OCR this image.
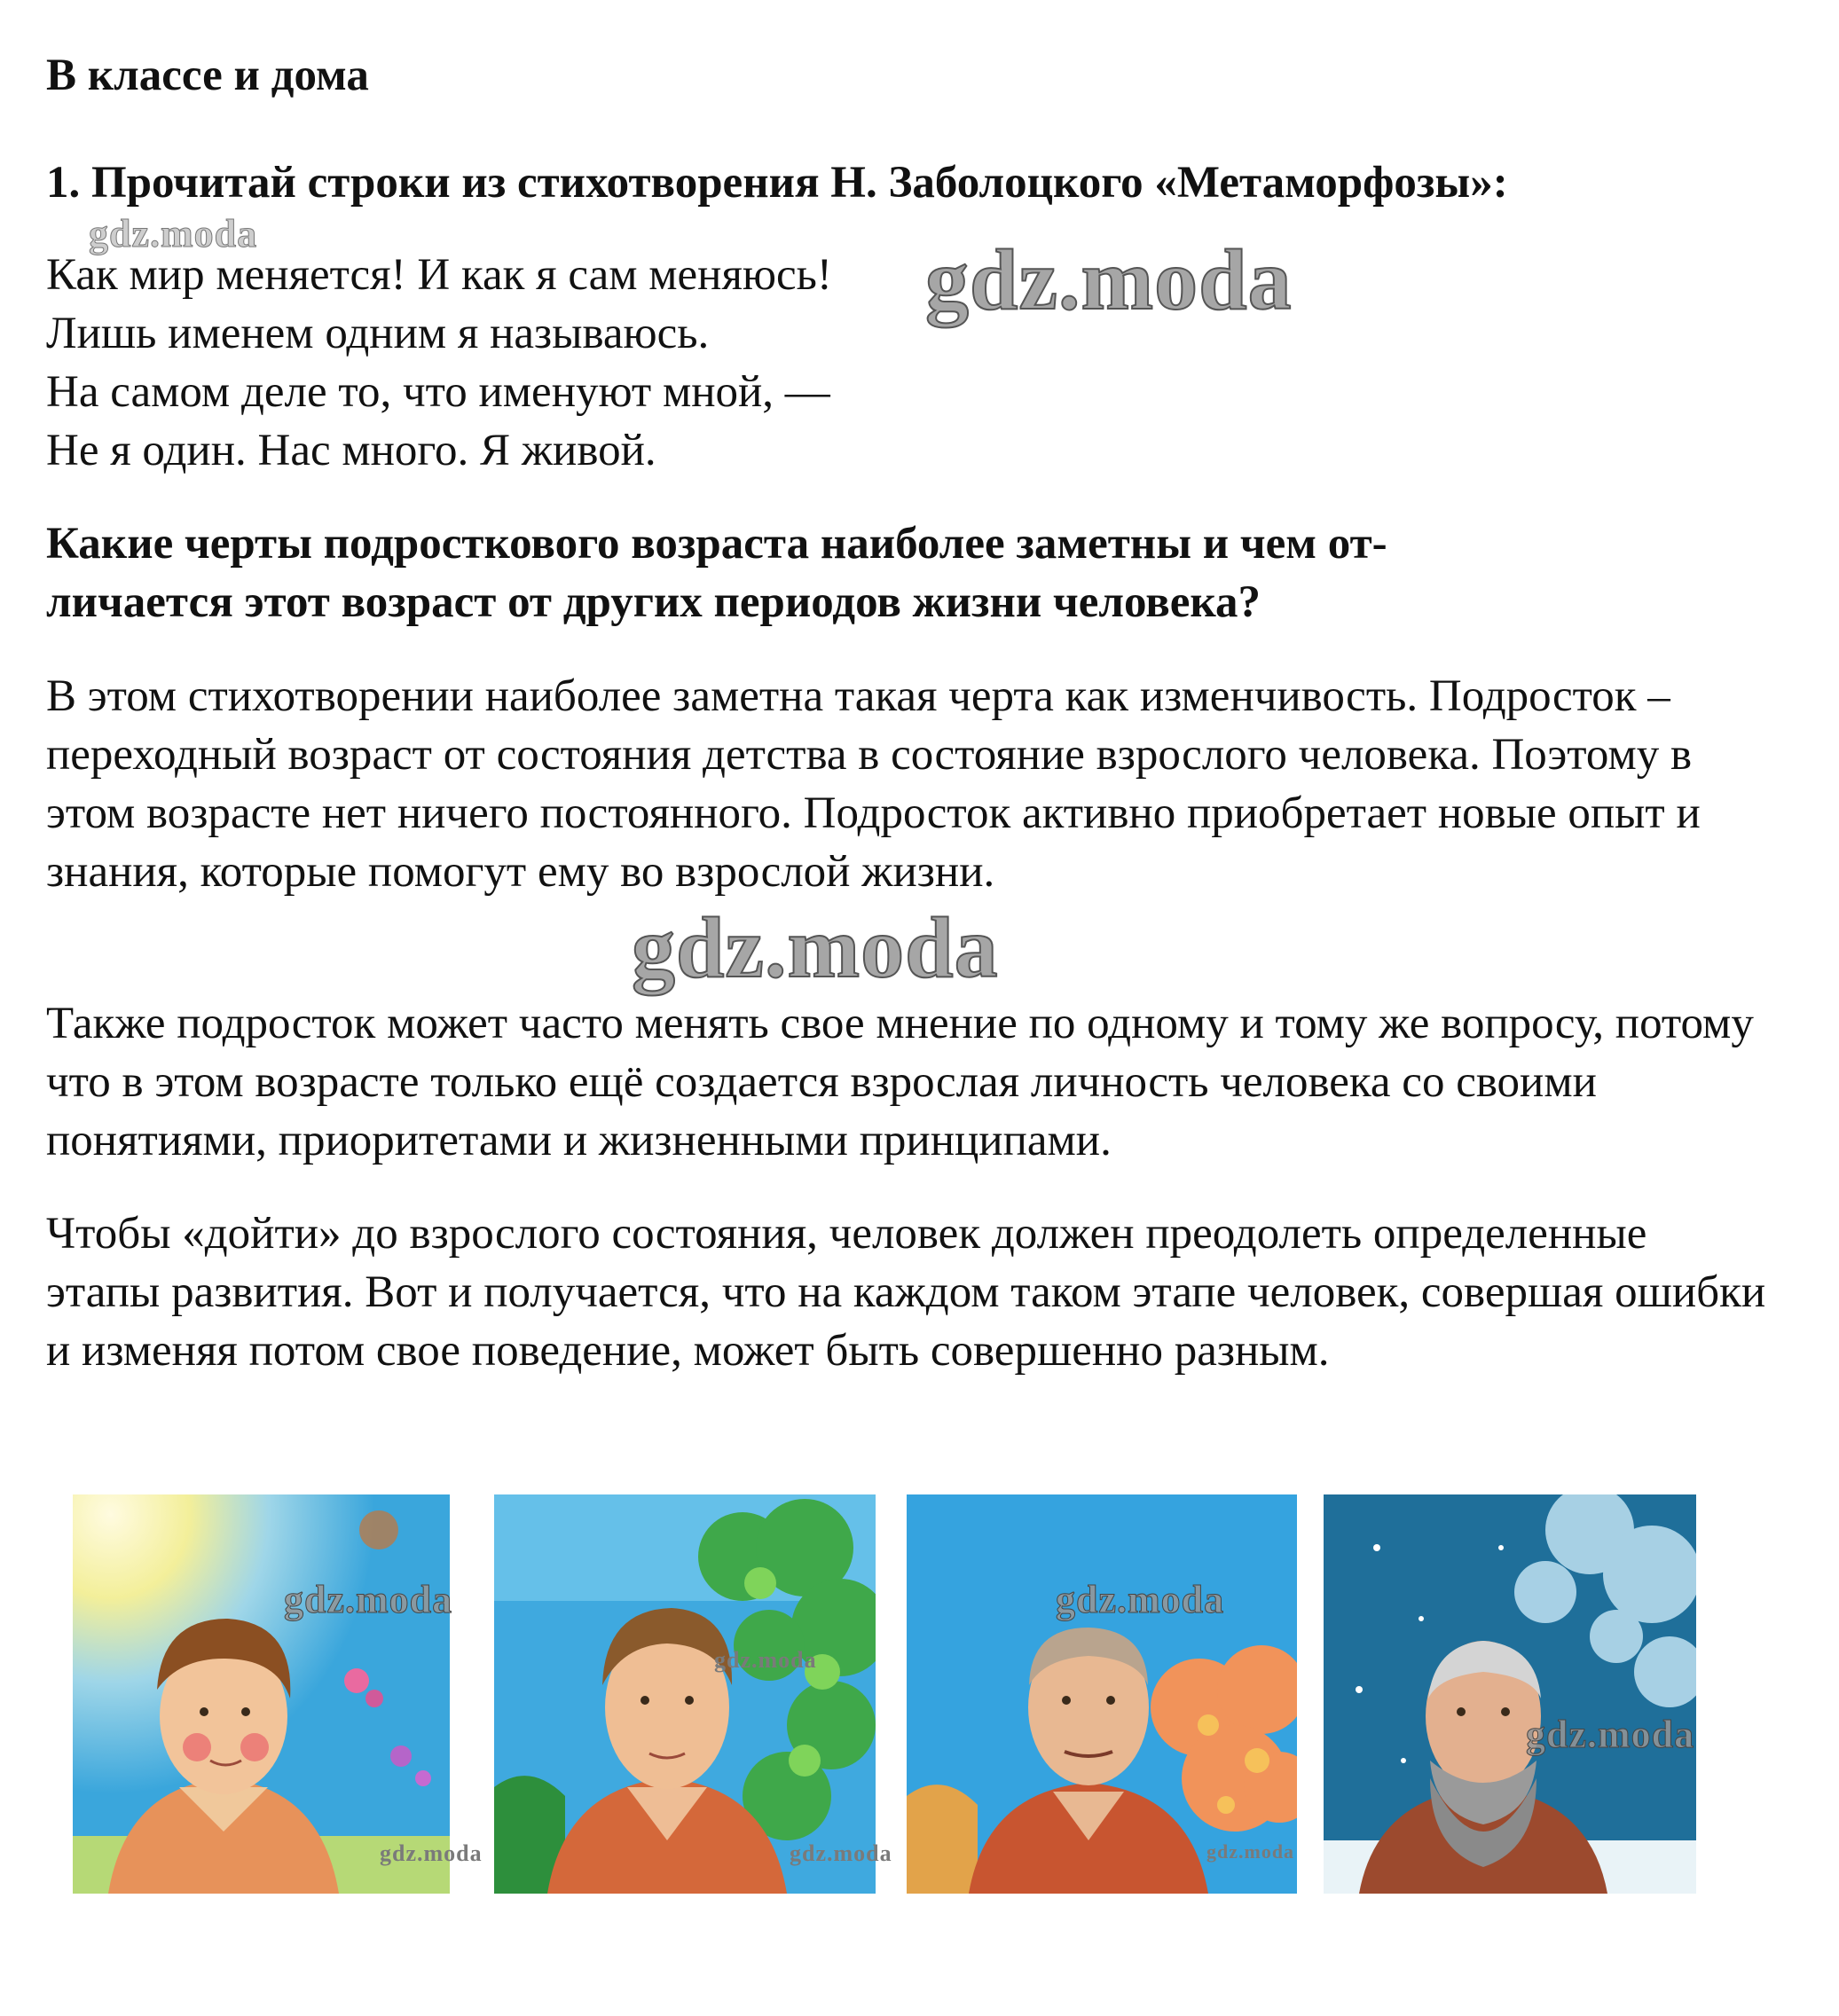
В классе и дома

1. Прочитай строки из стихотворения Н. Заболоцкого «Метаморфозы»:

Как мир меняется! И как я сам меняюсь!
Лишь именем одним я называюсь.
На самом деле то, что именуют мной, —
Не я один. Нас много. Я живой.
Какие черты подросткового возраста наиболее заметны и чем от-
личается этот возраст от других периодов жизни человека?

В этом стихотворении наиболее заметна такая черта как изменчивость. Подросток – переходный возраст от состояния детства в состояние взрослого человека. Поэтому в этом возрасте нет ничего постоянного. Подросток активно приобретает новые опыт и знания, которые помогут ему во взрослой жизни.

Также подросток может часто менять свое мнение по одному и тому же вопросу, потому что в этом возрасте только ещё создается взрослая личность человека со своими понятиями, приоритетами и жизненными принципами.

Чтобы «дойти» до взрослого состояния, человек должен преодолеть определенные этапы развития. Вот и получается, что на каждом таком этапе человек, совершая ошибки и изменяя потом свое поведение, может быть совершенно разным.

gdz.moda	gdz.moda
gdz.moda
gdz.moda
gdz.moda
gdz.moda
gdz.moda
gdz.moda	gdz.moda	gdz.moda
